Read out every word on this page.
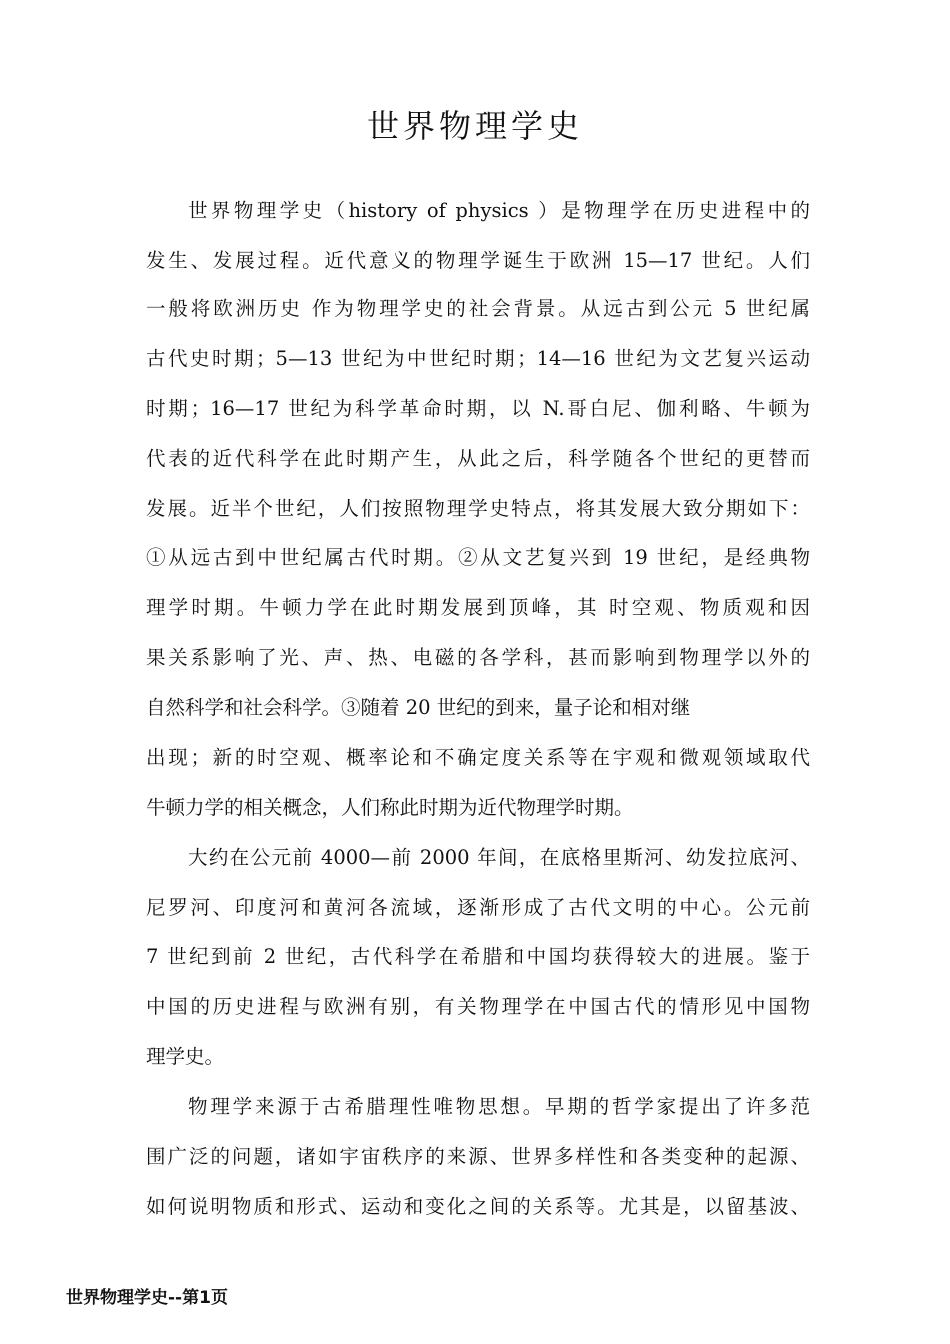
世界物理学史

世界物理学史（history of physics ）是物理学在历史进程中的

发生、发展过程。近代意义的物理学诞生于欧洲 15—17 世纪。人们

一般将欧洲历史 作为物理学史的社会背景。从远古到公元 5 世纪属

古代史时期；5—13 世纪为中世纪时期；14—16 世纪为文艺复兴运动

时期；16—17 世纪为科学革命时期，以 N.哥白尼、伽利略、牛顿为

代表的近代科学在此时期产生，从此之后，科学随各个世纪的更替而

发展。近半个世纪，人们按照物理学史特点，将其发展大致分期如下：

①从远古到中世纪属古代时期。②从文艺复兴到 19 世纪，是经典物

理学时期。牛顿力学在此时期发展到顶峰，其 时空观、物质观和因

果关系影响了光、声、热、电磁的各学科，甚而影响到物理学以外的

自然科学和社会科学。③随着 20 世纪的到来，量子论和相对继

出现；新的时空观、概率论和不确定度关系等在宇观和微观领域取代

牛顿力学的相关概念，人们称此时期为近代物理学时期。

大约在公元前 4000—前 2000 年间，在底格里斯河、幼发拉底河、

尼罗河、印度河和黄河各流域，逐渐形成了古代文明的中心。公元前

7 世纪到前 2 世纪，古代科学在希腊和中国均获得较大的进展。鉴于

中国的历史进程与欧洲有别，有关物理学在中国古代的情形见中国物

理学史。

物理学来源于古希腊理性唯物思想。早期的哲学家提出了许多范

围广泛的问题，诸如宇宙秩序的来源、世界多样性和各类变种的起源、

如何说明物质和形式、运动和变化之间的关系等。尤其是，以留基波、

世界物理学史--第1页
